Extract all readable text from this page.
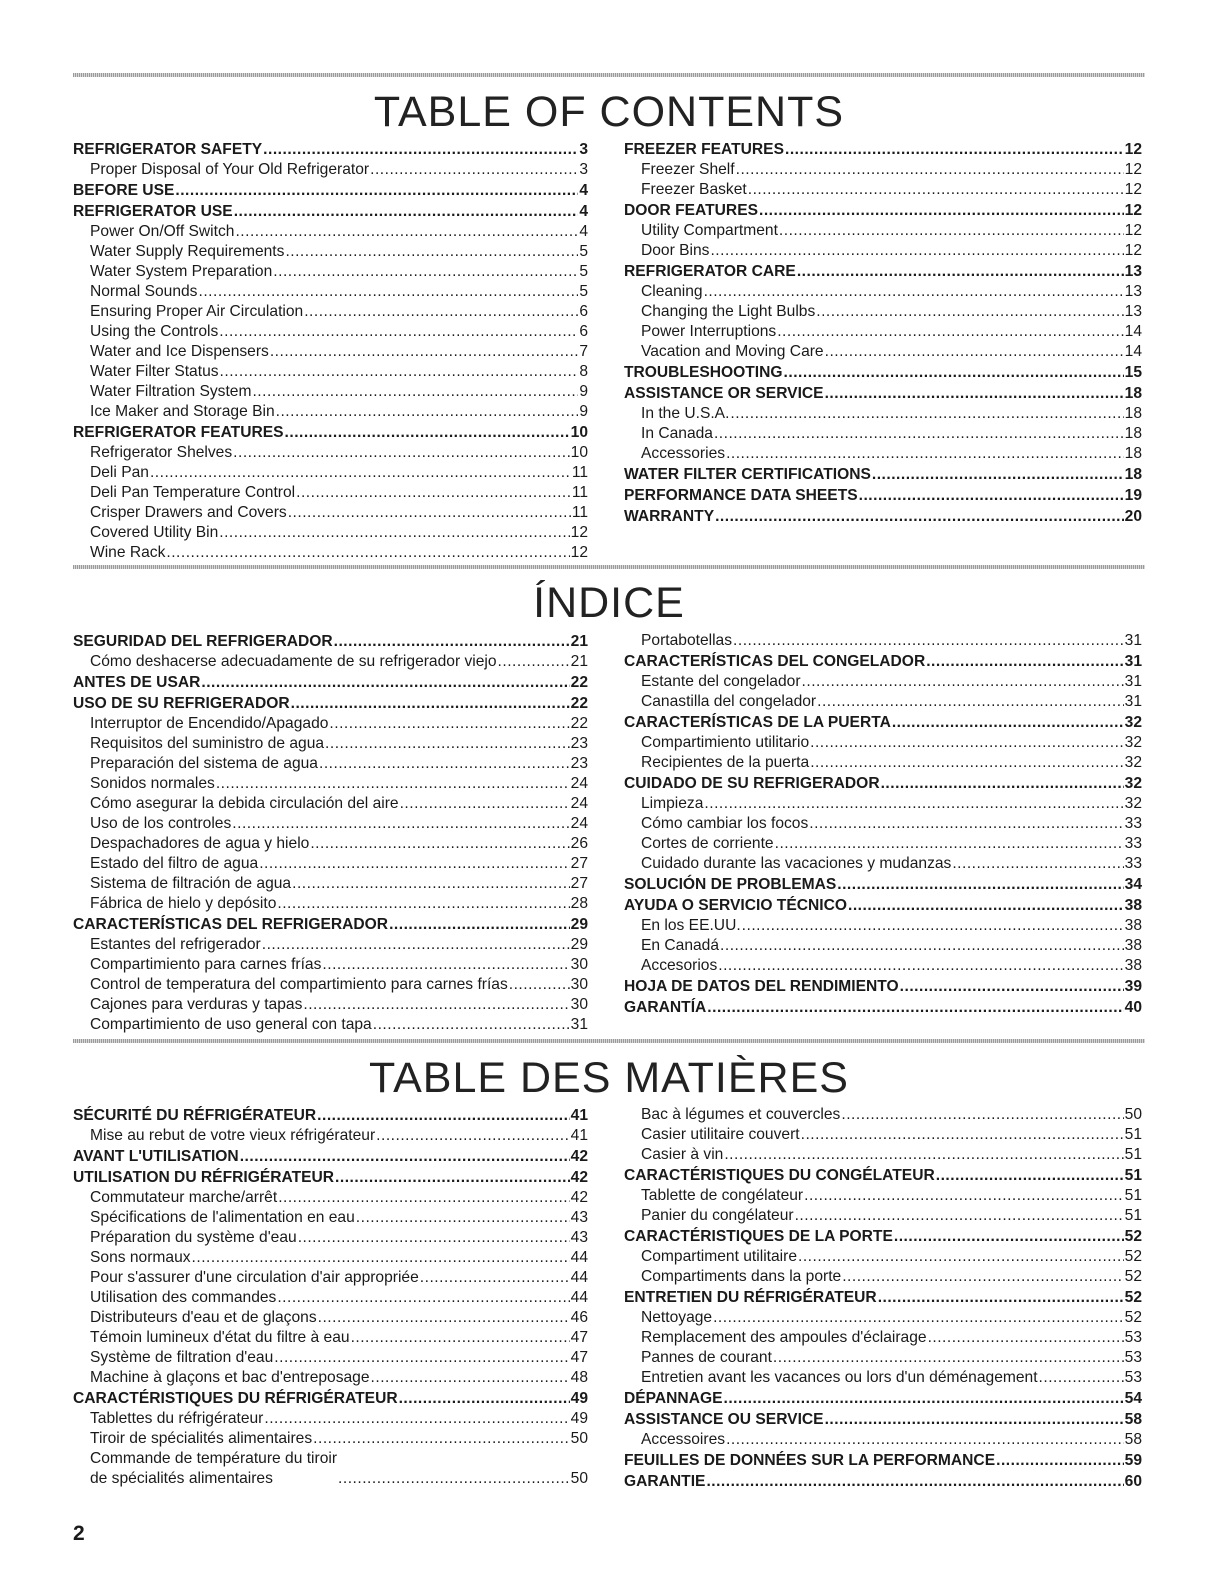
TABLE OF CONTENTS
REFRIGERATOR SAFETY .....	3
Proper Disposal of Your Old Refrigerator .....	3
BEFORE USE .....	4
REFRIGERATOR USE .....	4
Power On/Off Switch .....	4
Water Supply Requirements .....	5
Water System Preparation .....	5
Normal Sounds .....	5
Ensuring Proper Air Circulation .....	6
Using the Controls .....	6
Water and Ice Dispensers .....	7
Water Filter Status .....	8
Water Filtration System .....	9
Ice Maker and Storage Bin .....	9
REFRIGERATOR FEATURES .....	10
Refrigerator Shelves .....	10
Deli Pan .....	11
Deli Pan Temperature Control .....	11
Crisper Drawers and Covers .....	11
Covered Utility Bin .....	12
Wine Rack .....	12
FREEZER FEATURES .....	12
Freezer Shelf .....	12
Freezer Basket .....	12
DOOR FEATURES .....	12
Utility Compartment .....	12
Door Bins .....	12
REFRIGERATOR CARE .....	13
Cleaning .....	13
Changing the Light Bulbs .....	13
Power Interruptions .....	14
Vacation and Moving Care .....	14
TROUBLESHOOTING .....	15
ASSISTANCE OR SERVICE .....	18
In the U.S.A. .....	18
In Canada .....	18
Accessories .....	18
WATER FILTER CERTIFICATIONS .....	18
PERFORMANCE DATA SHEETS .....	19
WARRANTY .....	20
ÍNDICE
SEGURIDAD DEL REFRIGERADOR .....	21
Cómo deshacerse adecuadamente de su refrigerador viejo .....	21
ANTES DE USAR .....	22
USO DE SU REFRIGERADOR .....	22
Interruptor de Encendido/Apagado .....	22
Requisitos del suministro de agua .....	23
Preparación del sistema de agua .....	23
Sonidos normales .....	24
Cómo asegurar la debida circulación del aire .....	24
Uso de los controles .....	24
Despachadores de agua y hielo .....	26
Estado del filtro de agua .....	27
Sistema de filtración de agua .....	27
Fábrica de hielo y depósito .....	28
CARACTERÍSTICAS DEL REFRIGERADOR .....	29
Estantes del refrigerador .....	29
Compartimiento para carnes frías .....	30
Control de temperatura del compartimiento para carnes frías .....	30
Cajones para verduras y tapas .....	30
Compartimiento de uso general con tapa .....	31
Portabotellas .....	31
CARACTERÍSTICAS DEL CONGELADOR .....	31
Estante del congelador .....	31
Canastilla del congelador .....	31
CARACTERÍSTICAS DE LA PUERTA .....	32
Compartimiento utilitario .....	32
Recipientes de la puerta .....	32
CUIDADO DE SU REFRIGERADOR .....	32
Limpieza .....	32
Cómo cambiar los focos .....	33
Cortes de corriente .....	33
Cuidado durante las vacaciones y mudanzas .....	33
SOLUCIÓN DE PROBLEMAS .....	34
AYUDA O SERVICIO TÉCNICO .....	38
En los EE.UU. .....	38
En Canadá .....	38
Accesorios .....	38
HOJA DE DATOS DEL RENDIMIENTO .....	39
GARANTÍA .....	40
TABLE DES MATIÈRES
SÉCURITÉ DU RÉFRIGÉRATEUR .....	41
Mise au rebut de votre vieux réfrigérateur .....	41
AVANT L'UTILISATION .....	42
UTILISATION DU RÉFRIGÉRATEUR .....	42
Commutateur marche/arrêt .....	42
Spécifications de l'alimentation en eau .....	43
Préparation du système d'eau .....	43
Sons normaux .....	44
Pour s'assurer d'une circulation d'air appropriée .....	44
Utilisation des commandes .....	44
Distributeurs d'eau et de glaçons .....	46
Témoin lumineux d'état du filtre à eau .....	47
Système de filtration d'eau .....	47
Machine à glaçons et bac d'entreposage .....	48
CARACTÉRISTIQUES DU RÉFRIGÉRATEUR .....	49
Tablettes du réfrigérateur .....	49
Tiroir de spécialités alimentaires .....	50
Commande de température du tiroir
de spécialités alimentaires .....	50
Bac à légumes et couvercles .....	50
Casier utilitaire couvert .....	51
Casier à vin .....	51
CARACTÉRISTIQUES DU CONGÉLATEUR .....	51
Tablette de congélateur .....	51
Panier du congélateur .....	51
CARACTÉRISTIQUES DE LA PORTE .....	52
Compartiment utilitaire .....	52
Compartiments dans la porte .....	52
ENTRETIEN DU RÉFRIGÉRATEUR .....	52
Nettoyage .....	52
Remplacement des ampoules d'éclairage .....	53
Pannes de courant .....	53
Entretien avant les vacances ou lors d'un déménagement .....	53
DÉPANNAGE .....	54
ASSISTANCE OU SERVICE .....	58
Accessoires .....	58
FEUILLES DE DONNÉES SUR LA PERFORMANCE .....	59
GARANTIE .....	60
2
